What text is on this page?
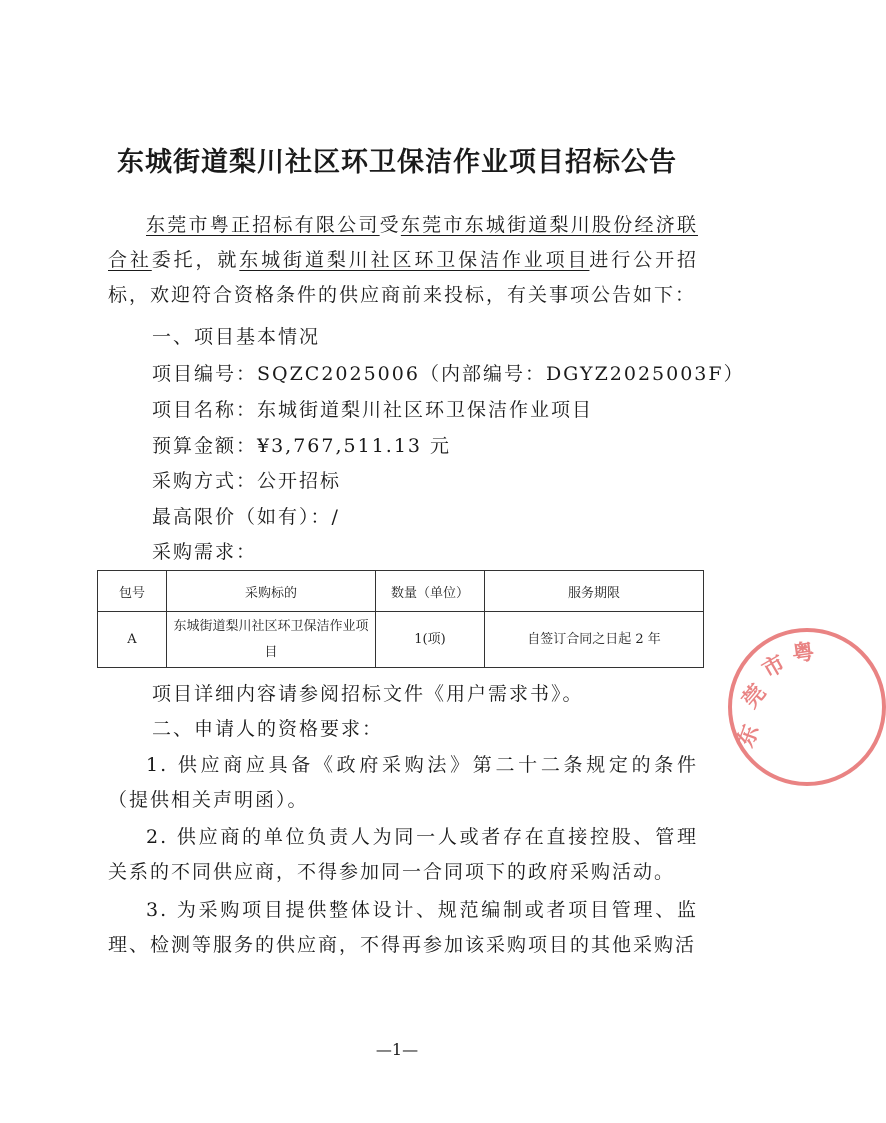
东城街道梨川社区环卫保洁作业项目招标公告
东莞市粤正招标有限公司受东莞市东城街道梨川股份经济联合社委托，就东城街道梨川社区环卫保洁作业项目进行公开招标，欢迎符合资格条件的供应商前来投标，有关事项公告如下：
一、项目基本情况
项目编号：SQZC2025006（内部编号：DGYZ2025003F）
项目名称：东城街道梨川社区环卫保洁作业项目
预算金额：¥3,767,511.13 元
采购方式：公开招标
最高限价（如有）：/
采购需求：
包号	采购标的	数量（单位）	服务期限
A	东城街道梨川社区环卫保洁作业项目	1(项)	自签订合同之日起 2 年
项目详细内容请参阅招标文件《用户需求书》。
二、申请人的资格要求：
1. 供应商应具备《政府采购法》第二十二条规定的条件（提供相关声明函）。
2. 供应商的单位负责人为同一人或者存在直接控股、管理关系的不同供应商，不得参加同一合同项下的政府采购活动。
3. 为采购项目提供整体设计、规范编制或者项目管理、监理、检测等服务的供应商，不得再参加该采购项目的其他采购活
—1—
东
莞
市 粤
